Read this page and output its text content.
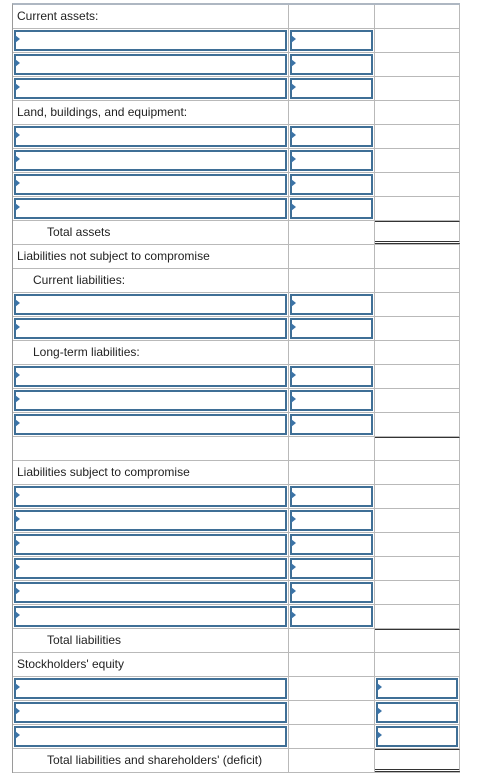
Current assets:
Land, buildings, and equipment:
Total assets
Liabilities not subject to compromise
Current liabilities:
Long-term liabilities:
Liabilities subject to compromise
Total liabilities
Stockholders' equity
Total liabilities and shareholders' (deficit)
